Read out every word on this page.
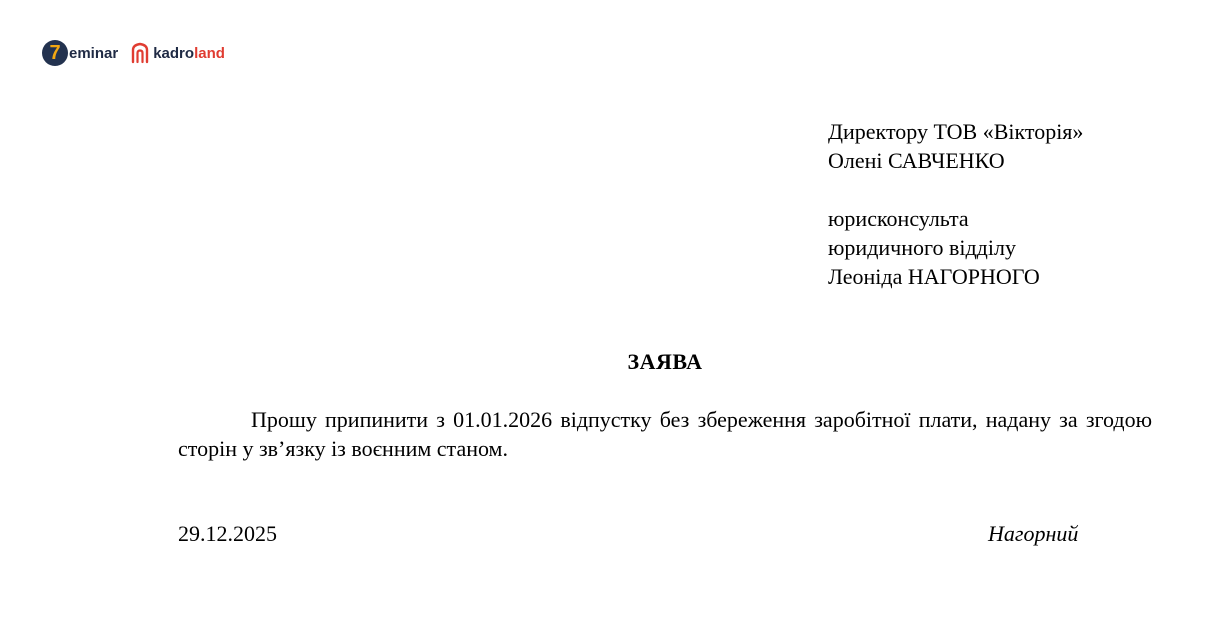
7 eminar kadro land
Директору ТОВ «Вікторія»
Олені САВЧЕНКО
юрисконсульта
юридичного відділу
Леоніда НАГОРНОГО
ЗАЯВА
Прошу припинити з 01.01.2026 відпустку без збереження заробітної плати, надану за згодою сторін у зв’язку із воєнним станом.
29.12.2025	Нагорний
